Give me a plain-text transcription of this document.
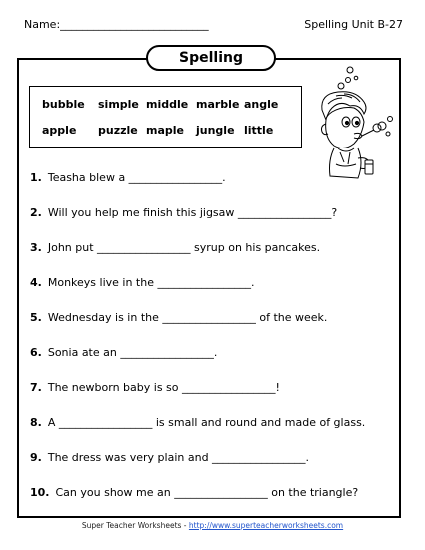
Name:___________________________	Spelling Unit B-27
Spelling
bubble simple middle marble angle
apple puzzle maple jungle little
1. Teasha blew a _________________.
2. Will you help me finish this jigsaw _________________?
3. John put _________________ syrup on his pancakes.
4. Monkeys live in the _________________.
5. Wednesday is in the _________________ of the week.
6. Sonia ate an _________________.
7. The newborn baby is so _________________!
8. A _________________ is small and round and made of glass.
9. The dress was very plain and _________________.
10. Can you show me an _________________ on the triangle?
Super Teacher Worksheets - http://www.superteacherworksheets.com
